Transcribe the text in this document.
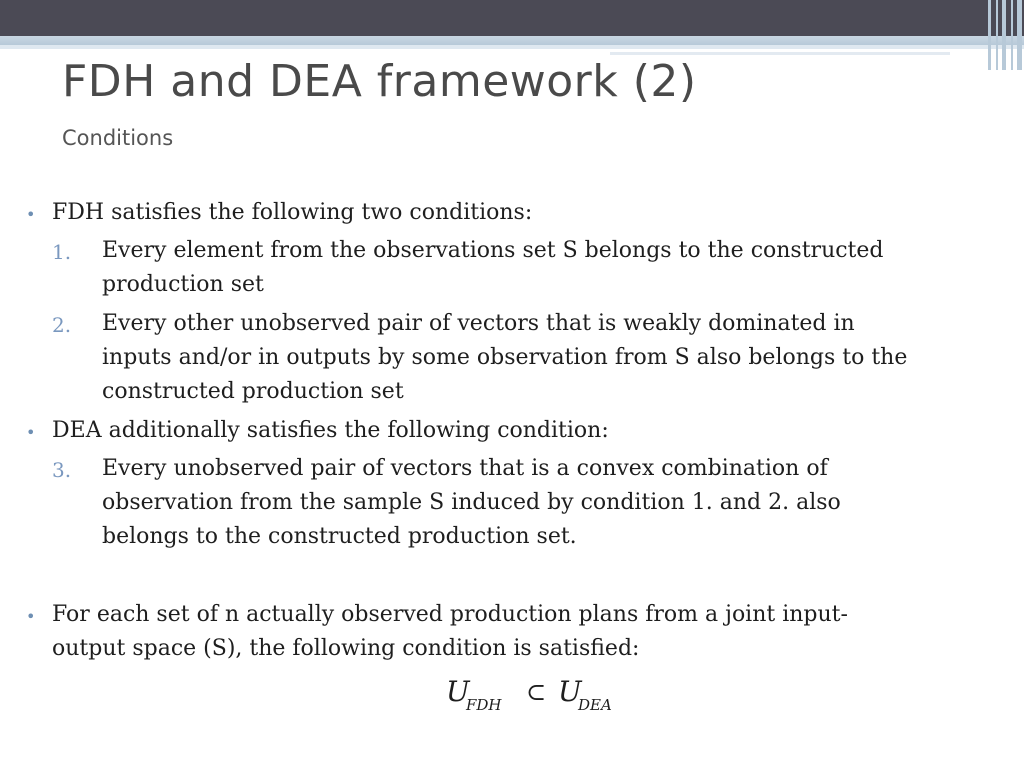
FDH and DEA framework (2)
Conditions
• FDH satisfies the following two conditions:
1. Every element from the observations set S belongs to the constructed
production set
2. Every other unobserved pair of vectors that is weakly dominated in
inputs and/or in outputs by some observation from S also belongs to the
constructed production set
• DEA additionally satisfies the following condition:
3. Every unobserved pair of vectors that is a convex combination of
observation from the sample S induced by condition 1. and 2. also
belongs to the constructed production set.
• For each set of n actually observed production plans from a joint input-
output space (S), the following condition is satisfied:
U
FDH ⊂ U
DEA
